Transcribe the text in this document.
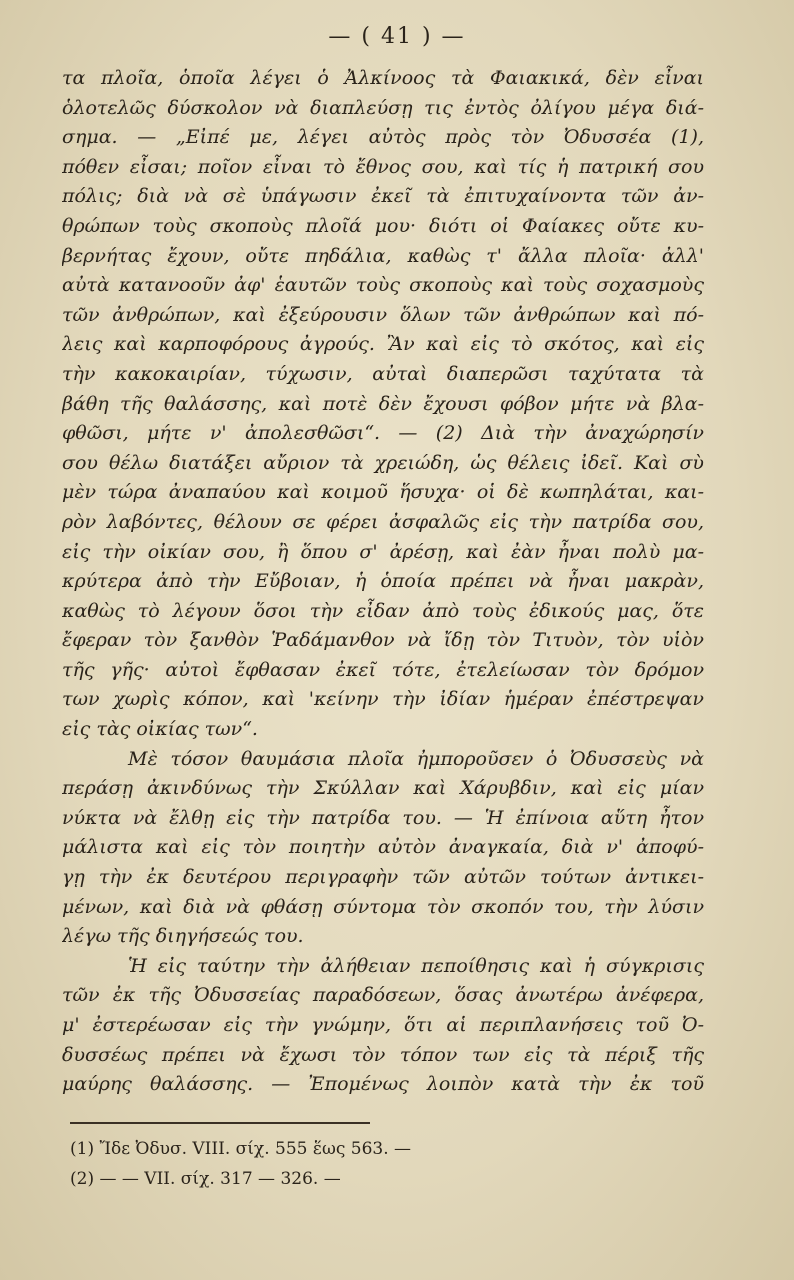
— ( 41 ) —
τα πλοῖα, ὁποῖα λέγει ὁ Ἀλκίνοος τὰ Φαιακικά, δὲν εἶναι
ὁλοτελῶς δύσκολον νὰ διαπλεύσῃ τις ἐντὸς ὀλίγου μέγα διά-
σημα. — „Εἰπέ με, λέγει αὐτὸς πρὸς τὸν Ὀδυσσέα (1),
πόθεν εἶσαι; ποῖον εἶναι τὸ ἔθνος σου, καὶ τίς ἡ πατρική σου
πόλις; διὰ νὰ σὲ ὑπάγωσιν ἐκεῖ τὰ ἐπιτυχαίνοντα τῶν ἀν-
θρώπων τοὺς σκοποὺς πλοῖά μου· διότι οἱ Φαίακες οὔτε κυ-
βερνήτας ἔχουν, οὔτε πηδάλια, καθὼς τ' ἄλλα πλοῖα· ἀλλ'
αὐτὰ κατανοοῦν ἀφ' ἑαυτῶν τοὺς σκοποὺς καὶ τοὺς σοχασμοὺς
τῶν ἀνθρώπων, καὶ ἐξεύρουσιν ὅλων τῶν ἀνθρώπων καὶ πό-
λεις καὶ καρποφόρους ἀγρούς. Ἂν καὶ εἰς τὸ σκότος, καὶ εἰς
τὴν κακοκαιρίαν, τύχωσιν, αὐταὶ διαπερῶσι ταχύτατα τὰ
βάθη τῆς θαλάσσης, καὶ ποτὲ δὲν ἔχουσι φόβον μήτε νὰ βλα-
φθῶσι, μήτε ν' ἀπολεσθῶσι“. — (2) Διὰ τὴν ἀναχώρησίν
σου θέλω διατάξει αὔριον τὰ χρειώδη, ὡς θέλεις ἰδεῖ. Καὶ σὺ
μὲν τώρα ἀναπαύου καὶ κοιμοῦ ἥσυχα· οἱ δὲ κωπηλάται, και-
ρὸν λαβόντες, θέλουν σε φέρει ἀσφαλῶς εἰς τὴν πατρίδα σου,
εἰς τὴν οἰκίαν σου, ἢ ὅπου σ' ἀρέσῃ, καὶ ἐὰν ἦναι πολὺ μα-
κρύτερα ἀπὸ τὴν Εὔβοιαν, ἡ ὁποία πρέπει νὰ ἦναι μακρὰν,
καθὼς τὸ λέγουν ὅσοι τὴν εἶδαν ἀπὸ τοὺς ἐδικούς μας, ὅτε
ἔφεραν τὸν ξανθὸν Ῥαδάμανθον νὰ ἴδῃ τὸν Τιτυὸν, τὸν υἱὸν
τῆς γῆς· αὐτοὶ ἔφθασαν ἐκεῖ τότε, ἐτελείωσαν τὸν δρόμον
των χωρὶς κόπον, καὶ 'κείνην τὴν ἰδίαν ἡμέραν ἐπέστρεψαν
εἰς τὰς οἰκίας των“.
Μὲ τόσον θαυμάσια πλοῖα ἠμποροῦσεν ὁ Ὀδυσσεὺς νὰ
περάσῃ ἀκινδύνως τὴν Σκύλλαν καὶ Χάρυβδιν, καὶ εἰς μίαν
νύκτα νὰ ἔλθῃ εἰς τὴν πατρίδα του. — Ἡ ἐπίνοια αὕτη ἦτον
μάλιστα καὶ εἰς τὸν ποιητὴν αὐτὸν ἀναγκαία, διὰ ν' ἀποφύ-
γῃ τὴν ἐκ δευτέρου περιγραφὴν τῶν αὐτῶν τούτων ἀντικει-
μένων, καὶ διὰ νὰ φθάσῃ σύντομα τὸν σκοπόν του, τὴν λύσιν
λέγω τῆς διηγήσεώς του.
Ἡ εἰς ταύτην τὴν ἀλήθειαν πεποίθησις καὶ ἡ σύγκρισις
τῶν ἐκ τῆς Ὀδυσσείας παραδόσεων, ὅσας ἀνωτέρω ἀνέφερα,
μ' ἐστερέωσαν εἰς τὴν γνώμην, ὅτι αἱ περιπλανήσεις τοῦ Ὀ-
δυσσέως πρέπει νὰ ἔχωσι τὸν τόπον των εἰς τὰ πέριξ τῆς
μαύρης θαλάσσης. — Ἐπομένως λοιπὸν κατὰ τὴν ἐκ τοῦ
(1) Ἴδε Ὀδυσ. VIII. σίχ. 555 ἕως 563. —
(2) — — VII. σίχ. 317 — 326. —
